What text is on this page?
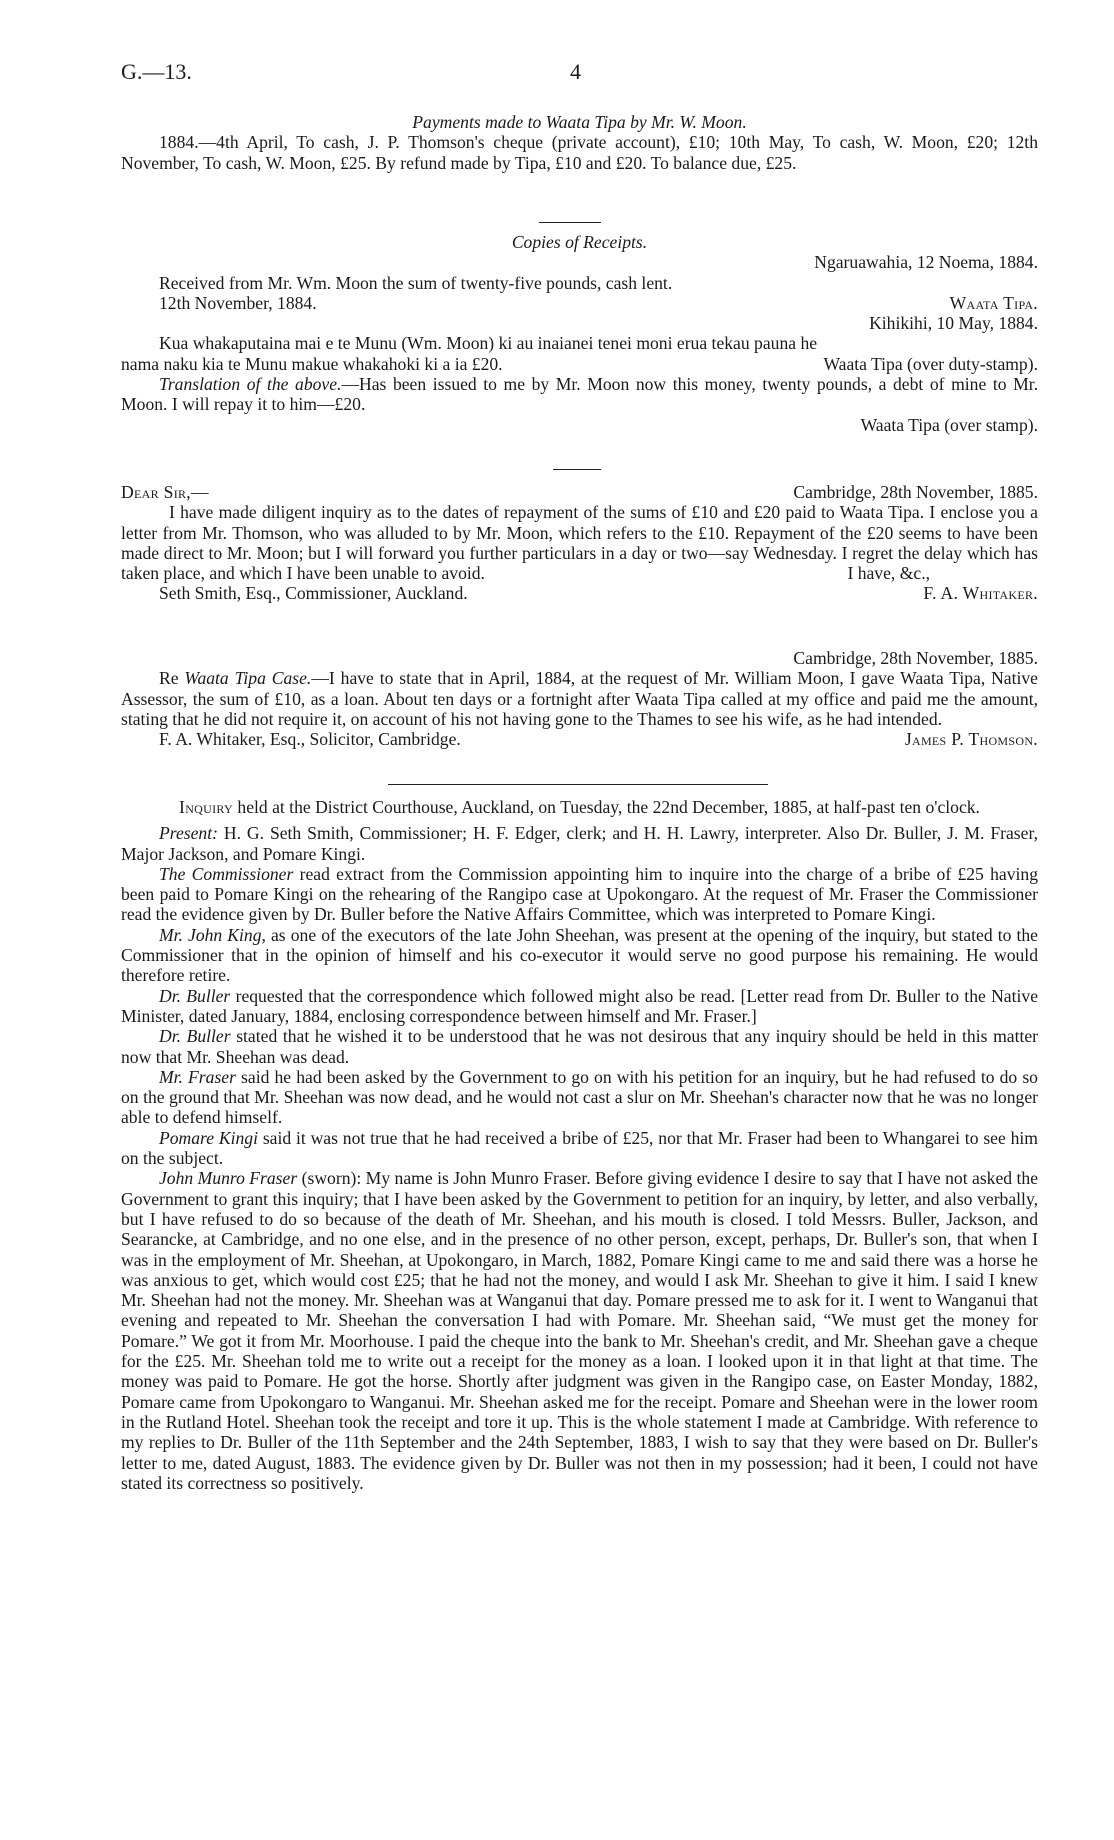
G.—13.	4

Payments made to Waata Tipa by Mr. W. Moon.

1884.—4th April, To cash, J. P. Thomson's cheque (private account), £10; 10th May, To cash, W. Moon, £20; 12th November, To cash, W. Moon, £25. By refund made by Tipa, £10 and £20. To balance due, £25.

Copies of Receipts.

Ngaruawahia, 12 Noema, 1884.

Received from Mr. Wm. Moon the sum of twenty-five pounds, cash lent.

12th November, 1884.	Waata Tipa.

Kihikihi, 10 May, 1884.

Kua whakaputaina mai e te Munu (Wm. Moon) ki au inaianei tenei moni erua tekau pauna he

nama naku kia te Munu makue whakahoki ki a ia £20.	Waata Tipa (over duty-stamp).

Translation of the above.—Has been issued to me by Mr. Moon now this money, twenty pounds, a debt of mine to Mr. Moon. I will repay it to him—£20.

Waata Tipa (over stamp).

Dear Sir,—	Cambridge, 28th November, 1885.

I have made diligent inquiry as to the dates of repayment of the sums of £10 and £20 paid to Waata Tipa. I enclose you a letter from Mr. Thomson, who was alluded to by Mr. Moon, which refers to the £10. Repayment of the £20 seems to have been made direct to Mr. Moon; but I will forward you further particulars in a day or two—say Wednesday. I regret the delay which has taken place, and which I have been unable to avoid.	I have, &c.,
Seth Smith, Esq., Commissioner, Auckland.	F. A. Whitaker.

Cambridge, 28th November, 1885.

Re Waata Tipa Case.—I have to state that in April, 1884, at the request of Mr. William Moon, I gave Waata Tipa, Native Assessor, the sum of £10, as a loan. About ten days or a fortnight after Waata Tipa called at my office and paid me the amount, stating that he did not require it, on account of his not having gone to the Thames to see his wife, as he had intended.

F. A. Whitaker, Esq., Solicitor, Cambridge.	James P. Thomson.

Inquiry held at the District Courthouse, Auckland, on Tuesday, the 22nd December, 1885, at half-past ten o'clock.

Present: H. G. Seth Smith, Commissioner; H. F. Edger, clerk; and H. H. Lawry, interpreter. Also Dr. Buller, J. M. Fraser, Major Jackson, and Pomare Kingi.

The Commissioner read extract from the Commission appointing him to inquire into the charge of a bribe of £25 having been paid to Pomare Kingi on the rehearing of the Rangipo case at Upokongaro. At the request of Mr. Fraser the Commissioner read the evidence given by Dr. Buller before the Native Affairs Committee, which was interpreted to Pomare Kingi.

Mr. John King, as one of the executors of the late John Sheehan, was present at the opening of the inquiry, but stated to the Commissioner that in the opinion of himself and his co-executor it would serve no good purpose his remaining. He would therefore retire.

Dr. Buller requested that the correspondence which followed might also be read. [Letter read from Dr. Buller to the Native Minister, dated January, 1884, enclosing correspondence between himself and Mr. Fraser.]

Dr. Buller stated that he wished it to be understood that he was not desirous that any inquiry should be held in this matter now that Mr. Sheehan was dead.

Mr. Fraser said he had been asked by the Government to go on with his petition for an inquiry, but he had refused to do so on the ground that Mr. Sheehan was now dead, and he would not cast a slur on Mr. Sheehan's character now that he was no longer able to defend himself.

Pomare Kingi said it was not true that he had received a bribe of £25, nor that Mr. Fraser had been to Whangarei to see him on the subject.

John Munro Fraser (sworn): My name is John Munro Fraser. Before giving evidence I desire to say that I have not asked the Government to grant this inquiry; that I have been asked by the Government to petition for an inquiry, by letter, and also verbally, but I have refused to do so because of the death of Mr. Sheehan, and his mouth is closed. I told Messrs. Buller, Jackson, and Searancke, at Cambridge, and no one else, and in the presence of no other person, except, perhaps, Dr. Buller's son, that when I was in the employment of Mr. Sheehan, at Upokongaro, in March, 1882, Pomare Kingi came to me and said there was a horse he was anxious to get, which would cost £25; that he had not the money, and would I ask Mr. Sheehan to give it him. I said I knew Mr. Sheehan had not the money. Mr. Sheehan was at Wanganui that day. Pomare pressed me to ask for it. I went to Wanganui that evening and repeated to Mr. Sheehan the conversation I had with Pomare. Mr. Sheehan said, “We must get the money for Pomare.” We got it from Mr. Moorhouse. I paid the cheque into the bank to Mr. Sheehan's credit, and Mr. Sheehan gave a cheque for the £25. Mr. Sheehan told me to write out a receipt for the money as a loan. I looked upon it in that light at that time. The money was paid to Pomare. He got the horse. Shortly after judgment was given in the Rangipo case, on Easter Monday, 1882, Pomare came from Upokongaro to Wanganui. Mr. Sheehan asked me for the receipt. Pomare and Sheehan were in the lower room in the Rutland Hotel. Sheehan took the receipt and tore it up. This is the whole statement I made at Cambridge. With reference to my replies to Dr. Buller of the 11th September and the 24th September, 1883, I wish to say that they were based on Dr. Buller's letter to me, dated August, 1883. The evidence given by Dr. Buller was not then in my possession; had it been, I could not have stated its correctness so positively.
